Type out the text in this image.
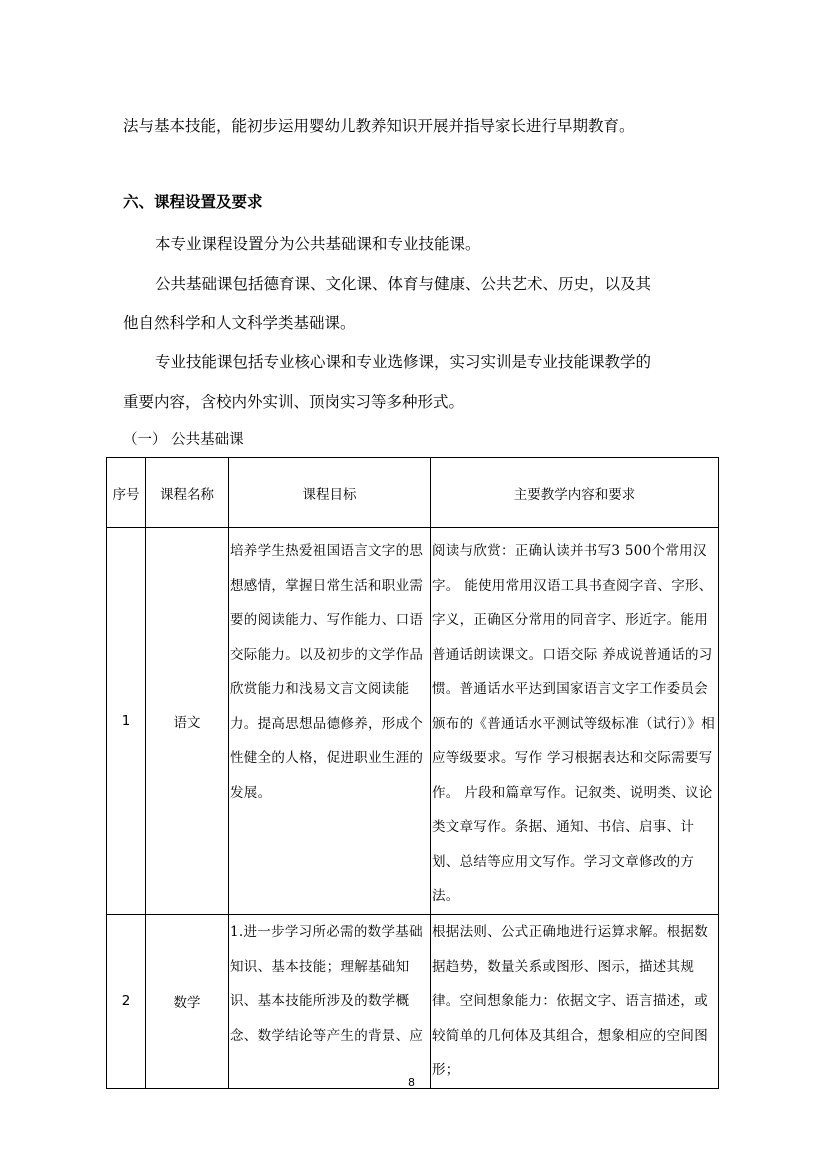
法与基本技能，能初步运用婴幼儿教养知识开展并指导家长进行早期教育。
六、课程设置及要求
本专业课程设置分为公共基础课和专业技能课。
公共基础课包括德育课、文化课、体育与健康、公共艺术、历史，以及其
他自然科学和人文科学类基础课。
专业技能课包括专业核心课和专业选修课，实习实训是专业技能课教学的
重要内容，含校内外实训、顶岗实习等多种形式。
（一） 公共基础课
序号	课程名称	课程目标	主要教学内容和要求
1	语文	培养学生热爱祖国语言文字的思想感情，掌握日常生活和职业需要的阅读能力、写作能力、口语交际能力。以及初步的文学作品欣赏能力和浅易文言文阅读能力。提高思想品德修养，形成个性健全的人格，促进职业生涯的发展。	阅读与欣赏：正确认读并书写3 500个常用汉字。 能使用常用汉语工具书查阅字音、字形、字义，正确区分常用的同音字、形近字。能用普通话朗读课文。口语交际 养成说普通话的习惯。普通话水平达到国家语言文字工作委员会颁布的《普通话水平测试等级标准（试行）》相应等级要求。写作 学习根据表达和交际需要写作。 片段和篇章写作。记叙类、说明类、议论类文章写作。条据、通知、书信、启事、计划、总结等应用文写作。学习文章修改的方法。

2	数学	1.进一步学习所必需的数学基础知识、基本技能；理解基础知识、基本技能所涉及的数学概念、数学结论等产生的背景、应	根据法则、公式正确地进行运算求解。根据数据趋势，数量关系或图形、图示，描述其规律。空间想象能力：依据文字、语言描述，或较简单的几何体及其组合，想象相应的空间图形；
8
